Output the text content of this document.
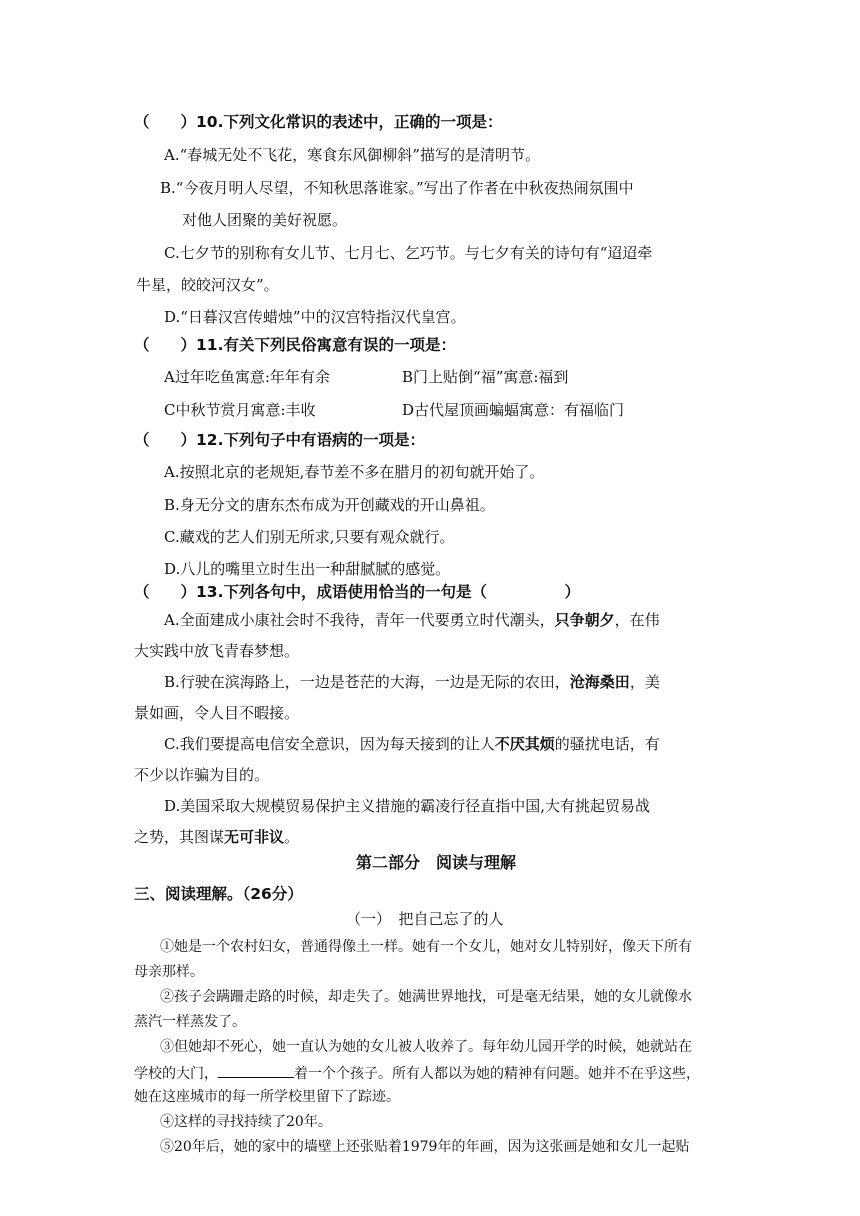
（　　）10.下列文化常识的表述中，正确的一项是：
A.“春城无处不飞花，寒食东风御柳斜”描写的是清明节。
B.“今夜月明人尽望，不知秋思落谁家。”写出了作者在中秋夜热闹氛围中
对他人团聚的美好祝愿。
C.七夕节的别称有女儿节、七月七、乞巧节。与七夕有关的诗句有“迢迢牵
牛星，皎皎河汉女”。
D.“日暮汉宫传蜡烛”中的汉宫特指汉代皇宫。
（　　）11.有关下列民俗寓意有误的一项是：
A过年吃鱼寓意:年年有余	B门上贴倒“福”寓意:福到
C中秋节赏月寓意:丰收	D古代屋顶画蝙蝠寓意：有福临门
（　　）12.下列句子中有语病的一项是：
A.按照北京的老规矩,春节差不多在腊月的初旬就开始了。
B.身无分文的唐东杰布成为开创藏戏的开山鼻祖。
C.藏戏的艺人们别无所求,只要有观众就行。
D.八儿的嘴里立时生出一种甜腻腻的感觉。
（　　）13.下列各句中，成语使用恰当的一句是（　　　　　）
A.全面建成小康社会时不我待，青年一代要勇立时代潮头，只争朝夕，在伟
大实践中放飞青春梦想。
B.行驶在滨海路上，一边是苍茫的大海，一边是无际的农田，沧海桑田，美
景如画，令人目不暇接。
C.我们要提高电信安全意识，因为每天接到的让人不厌其烦的骚扰电话，有
不少以诈骗为目的。
D.美国采取大规模贸易保护主义措施的霸凌行径直指中国,大有挑起贸易战
之势，其图谋无可非议。
第二部分　阅读与理解
三、阅读理解。（26分）
（一）　把自己忘了的人
①她是一个农村妇女，普通得像土一样。她有一个女儿，她对女儿特别好，像天下所有
母亲那样。
②孩子会蹒跚走路的时候，却走失了。她满世界地找，可是毫无结果，她的女儿就像水
蒸汽一样蒸发了。
③但她却不死心，她一直认为她的女儿被人收养了。每年幼儿园开学的时候，她就站在
学校的大门，	着一个个孩子。所有人都以为她的精神有问题。她并不在乎这些，
她在这座城市的每一所学校里留下了踪迹。
④这样的寻找持续了20年。
⑤20年后，她的家中的墙壁上还张贴着1979年的年画，因为这张画是她和女儿一起贴
